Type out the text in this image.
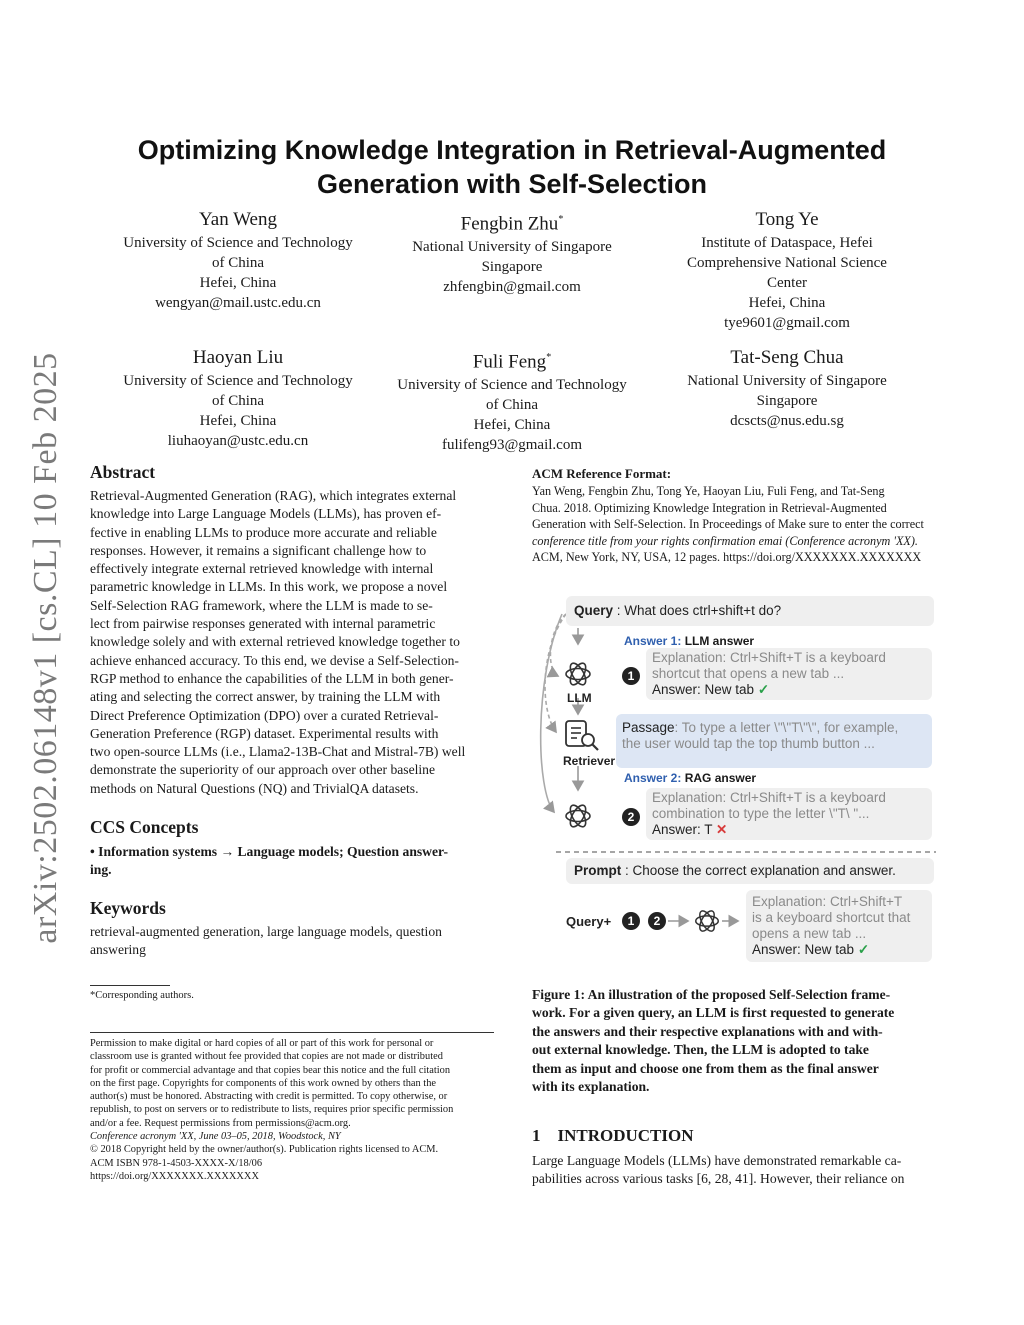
arXiv:2502.06148v1 [cs.CL] 10 Feb 2025
Optimizing Knowledge Integration in Retrieval-Augmented
Generation with Self-Selection
Yan Weng
University of Science and Technology
of China
Hefei, China
wengyan@mail.ustc.edu.cn
Fengbin Zhu*
National University of Singapore
Singapore
zhfengbin@gmail.com
Tong Ye
Institute of Dataspace, Hefei
Comprehensive National Science
Center
Hefei, China
tye9601@gmail.com
Haoyan Liu
University of Science and Technology
of China
Hefei, China
liuhaoyan@ustc.edu.cn
Fuli Feng*
University of Science and Technology
of China
Hefei, China
fulifeng93@gmail.com
Tat-Seng Chua
National University of Singapore
Singapore
dcscts@nus.edu.sg
Abstract
Retrieval-Augmented Generation (RAG), which integrates external
knowledge into Large Language Models (LLMs), has proven ef-
fective in enabling LLMs to produce more accurate and reliable
responses. However, it remains a significant challenge how to
effectively integrate external retrieved knowledge with internal
parametric knowledge in LLMs. In this work, we propose a novel
Self-Selection RAG framework, where the LLM is made to se-
lect from pairwise responses generated with internal parametric
knowledge solely and with external retrieved knowledge together to
achieve enhanced accuracy. To this end, we devise a Self-Selection-
RGP method to enhance the capabilities of the LLM in both gener-
ating and selecting the correct answer, by training the LLM with
Direct Preference Optimization (DPO) over a curated Retrieval-
Generation Preference (RGP) dataset. Experimental results with
two open-source LLMs (i.e., Llama2-13B-Chat and Mistral-7B) well
demonstrate the superiority of our approach over other baseline
methods on Natural Questions (NQ) and TrivialQA datasets.
CCS Concepts
• Information systems → Language models; Question answer-
ing.
Keywords
retrieval-augmented generation, large language models, question
answering
*Corresponding authors.
Permission to make digital or hard copies of all or part of this work for personal or
classroom use is granted without fee provided that copies are not made or distributed
for profit or commercial advantage and that copies bear this notice and the full citation
on the first page. Copyrights for components of this work owned by others than the
author(s) must be honored. Abstracting with credit is permitted. To copy otherwise, or
republish, to post on servers or to redistribute to lists, requires prior specific permission
and/or a fee. Request permissions from permissions@acm.org.
Conference acronym 'XX, June 03–05, 2018, Woodstock, NY
© 2018 Copyright held by the owner/author(s). Publication rights licensed to ACM.
ACM ISBN 978-1-4503-XXXX-X/18/06
https://doi.org/XXXXXXX.XXXXXXX
ACM Reference Format:
Yan Weng, Fengbin Zhu, Tong Ye, Haoyan Liu, Fuli Feng, and Tat-Seng
Chua. 2018. Optimizing Knowledge Integration in Retrieval-Augmented
Generation with Self-Selection. In Proceedings of Make sure to enter the correct
conference title from your rights confirmation emai (Conference acronym 'XX).
ACM, New York, NY, USA, 12 pages. https://doi.org/XXXXXXX.XXXXXXX
Query : What does ctrl+shift+t do?
Answer 1: LLM answer
LLM
1
Explanation: Ctrl+Shift+T is a keyboard
shortcut that opens a new tab ...
Answer: New tab ✓
Retriever
Passage: To type a letter \"\"T\"\", for example,
the user would tap the top thumb button ...
Answer 2: RAG answer
2
Explanation: Ctrl+Shift+T is a keyboard
combination to type the letter \"T\ "...
Answer: T ✕
Prompt : Choose the correct explanation and answer.
Query+	1	2
Explanation: Ctrl+Shift+T
is a keyboard shortcut that
opens a new tab ...
Answer: New tab ✓
Figure 1: An illustration of the proposed Self-Selection frame-
work. For a given query, an LLM is first requested to generate
the answers and their respective explanations with and with-
out external knowledge. Then, the LLM is adopted to take
them as input and choose one from them as the final answer
with its explanation.
1    INTRODUCTION
Large Language Models (LLMs) have demonstrated remarkable ca-
pabilities across various tasks [6, 28, 41]. However, their reliance on
